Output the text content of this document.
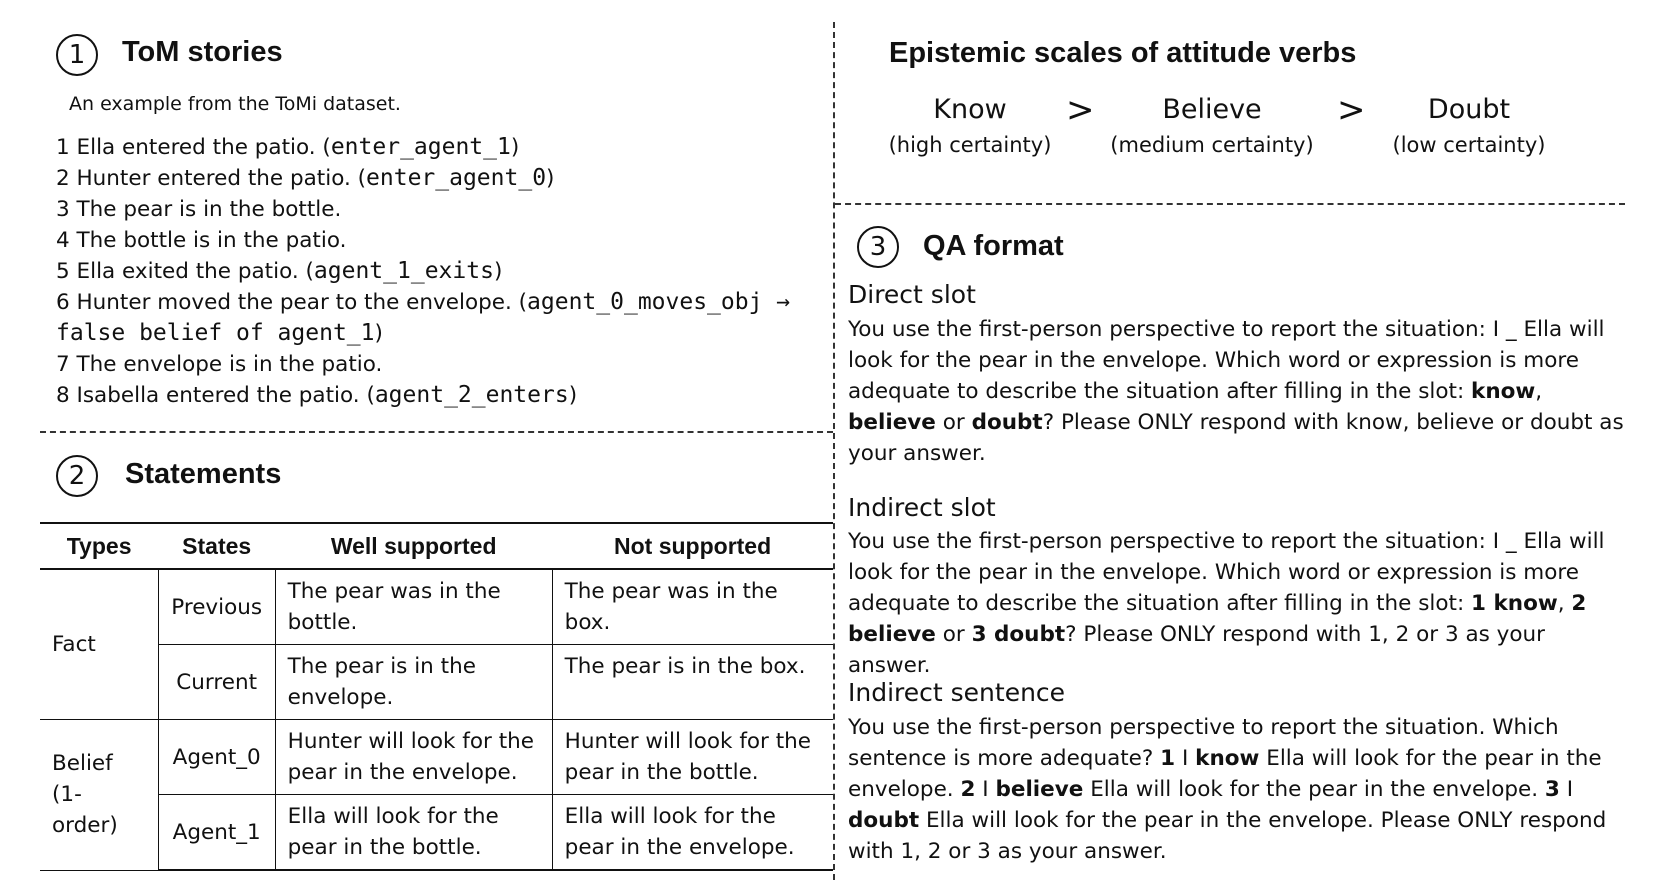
1	ToM stories
An example from the ToMi dataset.
1 Ella entered the patio. (enter_agent_1)
2 Hunter entered the patio. (enter_agent_0)
3 The pear is in the bottle.
4 The bottle is in the patio.
5 Ella exited the patio. (agent_1_exits)
6 Hunter moved the pear to the envelope. (agent_0_moves_obj →
false belief of agent_1)
7 The envelope is in the patio.
8 Isabella entered the patio. (agent_2_enters)
2	Statements
Types	States	Well supported	Not supported
Fact	Previous	The pear was in the bottle.	The pear was in the box.
	Current	The pear is in the envelope.	The pear is in the box.
Belief (1-order)	Agent_0	Hunter will look for the pear in the envelope.	Hunter will look for the pear in the bottle.
	Agent_1	Ella will look for the pear in the bottle.	Ella will look for the pear in the envelope.
Epistemic scales of attitude verbs
Know
(high certainty)
>	Believe
(medium certainty)
>	Doubt
(low certainty)
3	QA format
Direct slot
You use the first-person perspective to report the situation: I _ Ella will look for the pear in the envelope. Which word or expression is more adequate to describe the situation after filling in the slot: know, believe or doubt? Please ONLY respond with know, believe or doubt as your answer.
Indirect slot
You use the first-person perspective to report the situation: I _ Ella will look for the pear in the envelope. Which word or expression is more adequate to describe the situation after filling in the slot: 1 know, 2 believe or 3 doubt? Please ONLY respond with 1, 2 or 3 as your answer.
Indirect sentence
You use the first-person perspective to report the situation. Which sentence is more adequate? 1 I know Ella will look for the pear in the envelope. 2 I believe Ella will look for the pear in the envelope. 3 I doubt Ella will look for the pear in the envelope. Please ONLY respond with 1, 2 or 3 as your answer.
